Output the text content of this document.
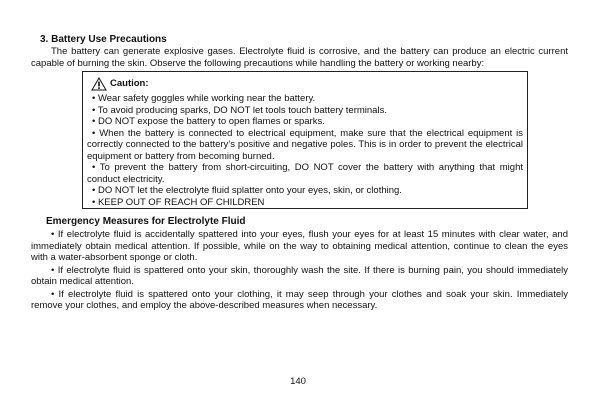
3. Battery Use Precautions
The battery can generate explosive gases. Electrolyte fluid is corrosive, and the battery can produce an electric current capable of burning the skin. Observe the following precautions while handling the battery or working nearby:
Caution:

• Wear safety goggles while working near the battery.

• To avoid producing sparks, DO NOT let tools touch battery terminals.

• DO NOT expose the battery to open flames or sparks.

• When the battery is connected to electrical equipment, make sure that the electrical equipment is correctly connected to the battery’s positive and negative poles. This is in order to prevent the electrical equipment or battery from becoming burned.

• To prevent the battery from short-circuiting, DO NOT cover the battery with anything that might conduct electricity.

• DO NOT let the electrolyte fluid splatter onto your eyes, skin, or clothing.

• KEEP OUT OF REACH OF CHILDREN

Emergency Measures for Electrolyte Fluid

• If electrolyte fluid is accidentally spattered into your eyes, flush your eyes for at least 15 minutes with clear water, and immediately obtain medical attention. If possible, while on the way to obtaining medical attention, continue to clean the eyes with a water-absorbent sponge or cloth.

• If electrolyte fluid is spattered onto your skin, thoroughly wash the site. If there is burning pain, you should immediately obtain medical attention.

• If electrolyte fluid is spattered onto your clothing, it may seep through your clothes and soak your skin. Immediately remove your clothes, and employ the above-described measures when necessary.

140
